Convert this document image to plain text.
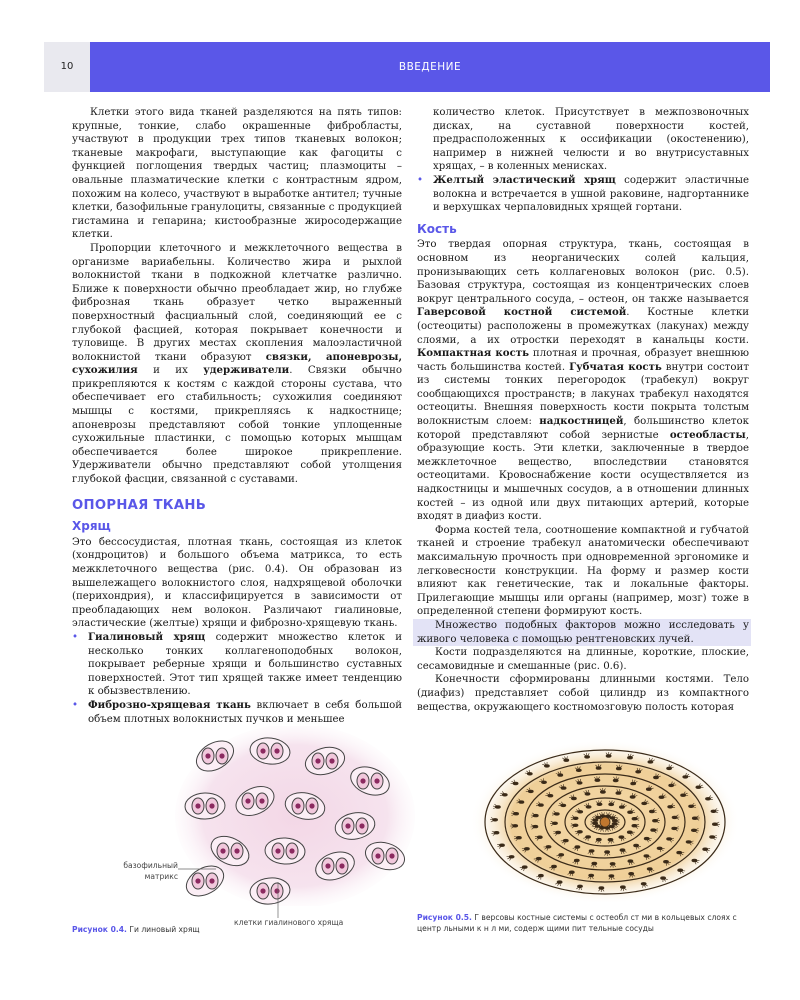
10	ВВЕДЕНИЕ

Клетки этого вида тканей разделяются на пять типов: крупные, тонкие, слабо окрашенные фибробласты, участвуют в продукции трех типов тканевых волокон; тканевые макрофаги, выступающие как фагоциты с функцией поглощения твердых частиц; плазмоциты – овальные плазматические клетки с контрастным ядром, похожим на колесо, участвуют в выработке антител; тучные клетки, базофильные гранулоциты, связанные с продукцией гистамина и гепарина; кистообразные жиросодержащие клетки.

Пропорции клеточного и межклеточного вещества в организме вариабельны. Количество жира и рыхлой волокнистой ткани в подкожной клетчатке различно. Ближе к поверхности обычно преобладает жир, но глубже фиброзная ткань образует четко выраженный поверхностный фасциальный слой, соединяющий ее с глубокой фасцией, которая покрывает конечности и туловище. В других местах скопления малоэластичной волокнистой ткани образуют связки, апоневрозы, сухожилия и их удерживатели. Связки обычно прикрепляются к костям с каждой стороны сустава, что обеспечивает его стабильность; сухожилия соединяют мышцы с костями, прикрепляясь к надкостнице; апоневрозы представляют собой тонкие уплощенные сухожильные пластинки, с помощью которых мышцам обеспечивается более широкое прикрепление. Удерживатели обычно представляют собой утолщения глубокой фасции, связанной с суставами.

ОПОРНАЯ ТКАНЬ
Хрящ

Это бессосудистая, плотная ткань, состоящая из клеток (хондроцитов) и большого объема матрикса, то есть межклеточного вещества (рис. 0.4). Он образован из вышележащего волокнистого слоя, надхрящевой оболочки (перихондрия), и классифицируется в зависимости от преобладающих нем волокон. Различают гиалиновые, эластические (желтые) хрящи и фиброзно-хрящевую ткань.

• Гиалиновый хрящ содержит множество клеток и несколько тонких коллагеноподобных волокон, покрывает реберные хрящи и большинство суставных поверхностей. Этот тип хрящей также имеет тенденцию к обызвествлению.
• Фиброзно-хрящевая ткань включает в себя большой объем плотных волокнистых пучков и меньшее
количество клеток. Присутствует в межпозвоночных дисках, на суставной поверхности костей, предрасположенных к оссификации (окостенению), например в нижней челюсти и во внутрисуставных хрящах, – в коленных менисках.
• Желтый эластический хрящ содержит эластичные волокна и встречается в ушной раковине, надгортаннике и верхушках черпаловидных хрящей гортани.
Кость

Это твердая опорная структура, ткань, состоящая в основном из неорганических солей кальция, пронизывающих сеть коллагеновых волокон (рис. 0.5). Базовая структура, состоящая из концентрических слоев вокруг центрального сосуда, – остеон, он также называется Гаверсовой костной системой. Костные клетки (остеоциты) расположены в промежутках (лакунах) между слоями, а их отростки переходят в канальцы кости. Компактная кость плотная и прочная, образует внешнюю часть большинства костей. Губчатая кость внутри состоит из системы тонких перегородок (трабекул) вокруг сообщающихся пространств; в лакунах трабекул находятся остеоциты. Внешняя поверхность кости покрыта толстым волокнистым слоем: надкостницей, большинство клеток которой представляют собой зернистые остеобласты, образующие кость. Эти клетки, заключенные в твердое межклеточное вещество, впоследствии становятся остеоцитами. Кровоснабжение кости осуществляется из надкостницы и мышечных сосудов, а в отношении длинных костей – из одной или двух питающих артерий, которые входят в диафиз кости.

Форма костей тела, соотношение компактной и губчатой тканей и строение трабекул анатомически обеспечивают максимальную прочность при одновременной эргономике и легковесности конструкции. На форму и размер кости влияют как генетические, так и локальные факторы. Прилегающие мышцы или органы (например, мозг) тоже в определенной степени формируют кость.

Множество подобных факторов можно исследовать у живого человека с помощью рентгеновских лучей.

Кости подразделяются на длинные, короткие, плоские, сесамовидные и смешанные (рис. 0.6).

Конечности сформированы длинными костями. Тело (диафиз) представляет собой цилиндр из компактного вещества, окружающего костномозговую полость которая

базофильный матрикс
клетки гиалинового хряща
Рисунок 0.4. Ги линовый хрящ
Рисунок 0.5. Г версовы костные системы с остеобл ст ми в кольцевых слоях с центр льными к н л ми, содерж щими пит тельные сосуды
